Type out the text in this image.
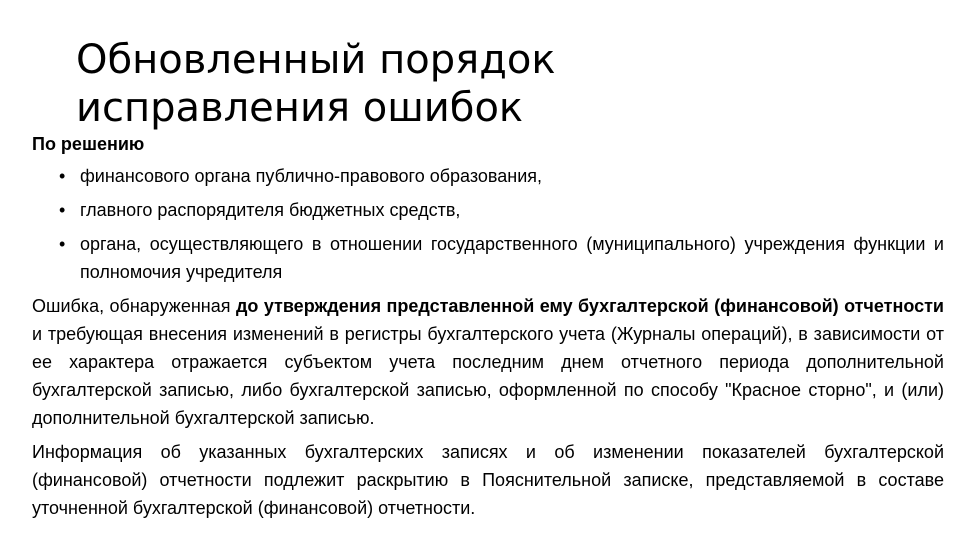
Обновленный порядок
исправления ошибок
По решению
• финансового органа публично-правового образования,
• главного распорядителя бюджетных средств,
• органа, осуществляющего в отношении государственного (муниципального) учреждения функции и полномочия учредителя

Ошибка, обнаруженная до утверждения представленной ему бухгалтерской (финансовой) отчетности и требующая внесения изменений в регистры бухгалтерского учета (Журналы операций), в зависимости от ее характера отражается субъектом учета последним днем отчетного периода дополнительной бухгалтерской записью, либо бухгалтерской записью, оформленной по способу "Красное сторно", и (или) дополнительной бухгалтерской записью.

Информация об указанных бухгалтерских записях и об изменении показателей бухгалтерской (финансовой) отчетности подлежит раскрытию в Пояснительной записке, представляемой в составе уточненной бухгалтерской (финансовой) отчетности.
